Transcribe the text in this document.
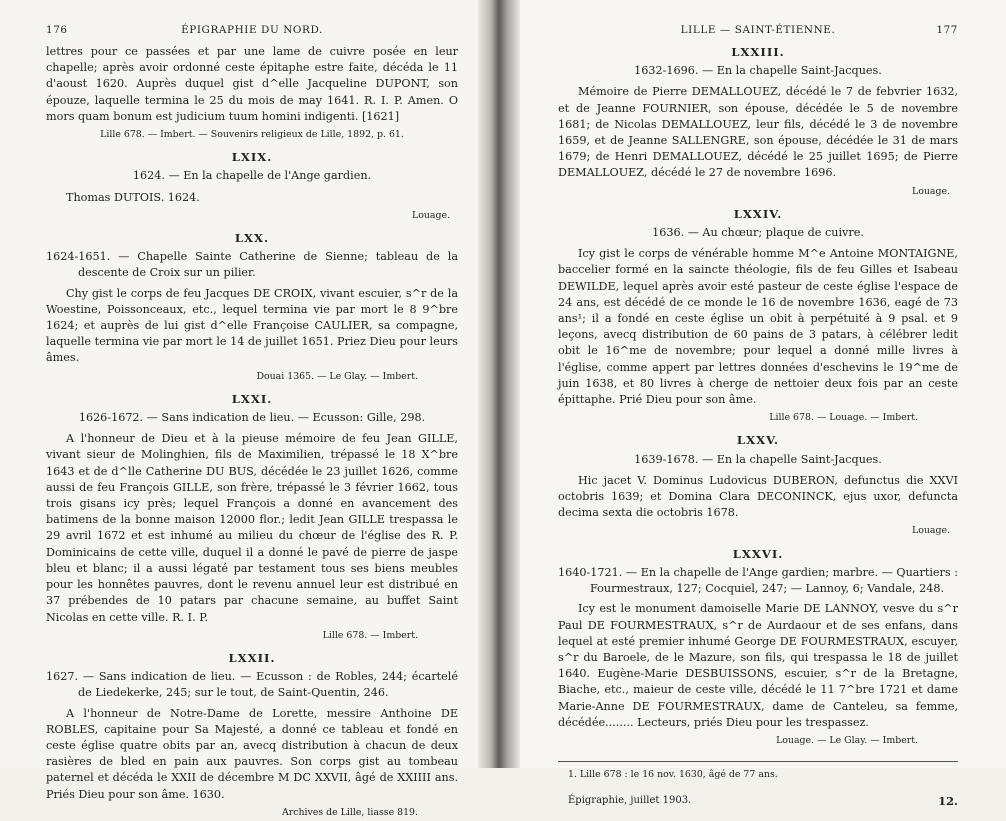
176	ÉPIGRAPHIE DU NORD.

lettres pour ce passées et par une lame de cuivre posée en leur chapelle; après avoir ordonné ceste épitaphe estre faite, décéda le 11 d'aoust 1620. Auprès duquel gist d^elle Jacqueline DUPONT, son épouze, laquelle termina le 25 du mois de may 1641. R. I. P. Amen. O mors quam bonum est judicium tuum homini indigenti. [1621]

Lille 678. — Imbert. — Souvenirs religieux de Lille, 1892, p. 61.
LXIX.
1624. — En la chapelle de l'Ange gardien.

Thomas DUTOIS. 1624.

Louage.
LXX.

1624-1651. — Chapelle Sainte Catherine de Sienne; tableau de la descente de Croix sur un pilier.

Chy gist le corps de feu Jacques DE CROIX, vivant escuier, s^r de la Woestine, Poissonceaux, etc., lequel termina vie par mort le 8 9^bre 1624; et auprès de lui gist d^elle Françoise CAULIER, sa compagne, laquelle termina vie par mort le 14 de juillet 1651. Priez Dieu pour leurs âmes.

Douai 1365. — Le Glay. — Imbert.
LXXI.
1626-1672. — Sans indication de lieu. — Ecusson: Gille, 298.

A l'honneur de Dieu et à la pieuse mémoire de feu Jean GILLE, vivant sieur de Molinghien, fils de Maximilien, trépassé le 18 X^bre 1643 et de d^lle Catherine DU BUS, décédée le 23 juillet 1626, comme aussi de feu François GILLE, son frère, trépassé le 3 février 1662, tous trois gisans icy près; lequel François a donné en avancement des batimens de la bonne maison 12000 flor.; ledit Jean GILLE trespassa le 29 avril 1672 et est inhumé au milieu du chœur de l'église des R. P. Dominicains de cette ville, duquel il a donné le pavé de pierre de jaspe bleu et blanc; il a aussi légaté par testament tous ses biens meubles pour les honnêtes pauvres, dont le revenu annuel leur est distribué en 37 prébendes de 10 patars par chacune semaine, au buffet Saint Nicolas en cette ville. R. I. P.

Lille 678. — Imbert.
LXXII.

1627. — Sans indication de lieu. — Ecusson : de Robles, 244; écartelé de Liedekerke, 245; sur le tout, de Saint-Quentin, 246.

A l'honneur de Notre-Dame de Lorette, messire Anthoine DE ROBLES, capitaine pour Sa Majesté, a donné ce tableau et fondé en ceste église quatre obits par an, avecq distribution à chacun de deux rasières de bled en pain aux pauvres. Son corps gist au tombeau paternel et décéda le XXII de décembre M DC XXVII, âgé de XXIIII ans. Priés Dieu pour son âme. 1630.

Archives de Lille, liasse 819.
LILLE — SAINT-ÉTIENNE.	177
LXXIII.
1632-1696. — En la chapelle Saint-Jacques.

Mémoire de Pierre DEMALLOUEZ, décédé le 7 de febvrier 1632, et de Jeanne FOURNIER, son épouse, décédée le 5 de novembre 1681; de Nicolas DEMALLOUEZ, leur fils, décédé le 3 de novembre 1659, et de Jeanne SALLENGRE, son épouse, décédée le 31 de mars 1679; de Henri DEMALLOUEZ, décédé le 25 juillet 1695; de Pierre DEMALLOUEZ, décédé le 27 de novembre 1696.

Louage.
LXXIV.
1636. — Au chœur; plaque de cuivre.

Icy gist le corps de vénérable homme M^e Antoine MONTAIGNE, baccelier formé en la saincte théologie, fils de feu Gilles et Isabeau DEWILDE, lequel après avoir esté pasteur de ceste église l'espace de 24 ans, est décédé de ce monde le 16 de novembre 1636, eagé de 73 ans¹; il a fondé en ceste église un obit à perpétuité à 9 psal. et 9 leçons, avecq distribution de 60 pains de 3 patars, à célébrer ledit obit le 16^me de novembre; pour lequel a donné mille livres à l'église, comme appert par lettres données d'eschevins le 19^me de juin 1638, et 80 livres à cherge de nettoier deux fois par an ceste épittaphe. Prié Dieu pour son âme.

Lille 678. — Louage. — Imbert.
LXXV.
1639-1678. — En la chapelle Saint-Jacques.

Hic jacet V. Dominus Ludovicus DUBERON, defunctus die XXVI octobris 1639; et Domina Clara DECONINCK, ejus uxor, defuncta decima sexta die octobris 1678.

Louage.
LXXVI.

1640-1721. — En la chapelle de l'Ange gardien; marbre. — Quartiers : Fourmestraux, 127; Cocquiel, 247; — Lannoy, 6; Vandale, 248.

Icy est le monument damoiselle Marie DE LANNOY, vesve du s^r Paul DE FOURMESTRAUX, s^r de Aurdaour et de ses enfans, dans lequel at esté premier inhumé George DE FOURMESTRAUX, escuyer, s^r du Baroele, de le Mazure, son fils, qui trespassa le 18 de juillet 1640. Eugène-Marie DESBUISSONS, escuier, s^r de la Bretagne, Biache, etc., maieur de ceste ville, décédé le 11 7^bre 1721 et dame Marie-Anne DE FOURMESTRAUX, dame de Canteleu, sa femme, décédée........ Lecteurs, priés Dieu pour les trespassez.

Louage. — Le Glay. — Imbert.
1. Lille 678 : le 16 nov. 1630, âgé de 77 ans.
Épigraphie, juillet 1903.	12.
